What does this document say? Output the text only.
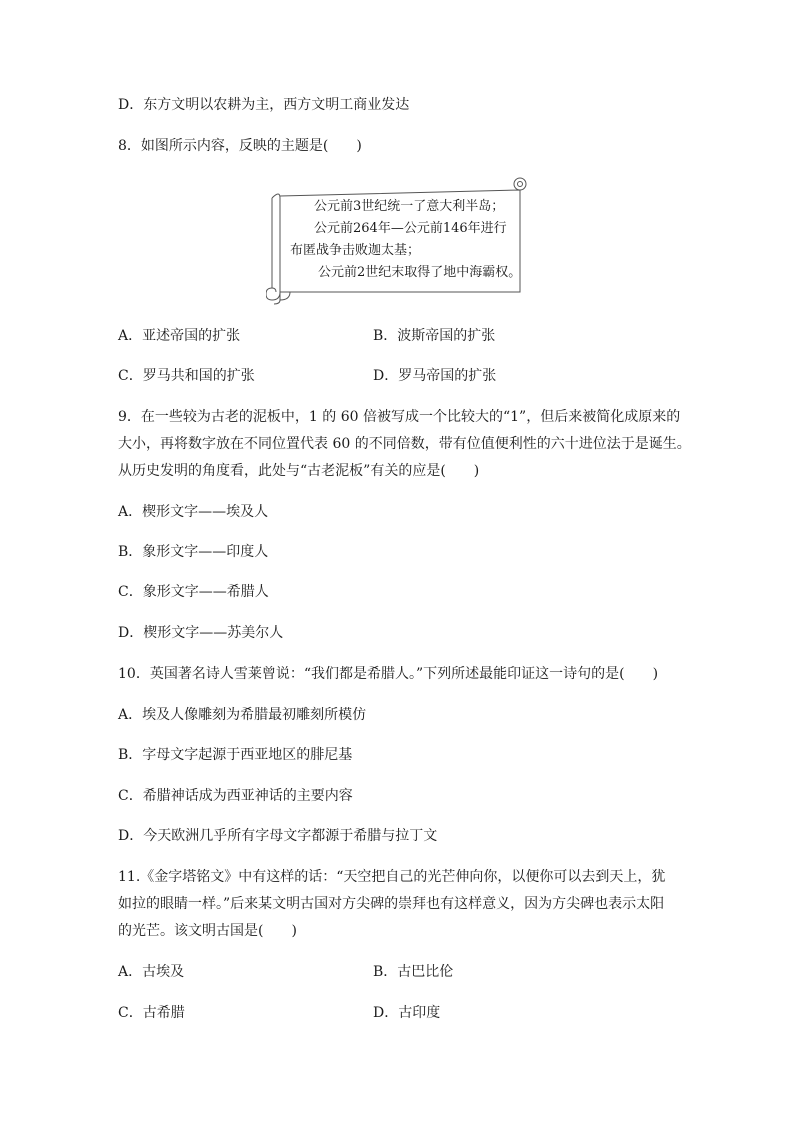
D．东方文明以农耕为主，西方文明工商业发达
8．如图所示内容，反映的主题是(　　)
公元前3世纪统一了意大利半岛；
公元前264年—公元前146年进行
布匿战争击败迦太基；
公元前2世纪末取得了地中海霸权。
A．亚述帝国的扩张	B．波斯帝国的扩张
C．罗马共和国的扩张	D．罗马帝国的扩张
9．在一些较为古老的泥板中，1 的 60 倍被写成一个比较大的“1”，但后来被简化成原来的
大小，再将数字放在不同位置代表 60 的不同倍数，带有位值便利性的六十进位法于是诞生。
从历史发明的角度看，此处与“古老泥板”有关的应是(　　)
A．楔形文字——埃及人
B．象形文字——印度人
C．象形文字——希腊人
D．楔形文字——苏美尔人
10．英国著名诗人雪莱曾说：“我们都是希腊人。”下列所述最能印证这一诗句的是(　　)
A．埃及人像雕刻为希腊最初雕刻所模仿
B．字母文字起源于西亚地区的腓尼基
C．希腊神话成为西亚神话的主要内容
D．今天欧洲几乎所有字母文字都源于希腊与拉丁文
11.《金字塔铭文》中有这样的话：“天空把自己的光芒伸向你，以便你可以去到天上，犹
如拉的眼睛一样。”后来某文明古国对方尖碑的崇拜也有这样意义，因为方尖碑也表示太阳
的光芒。该文明古国是(　　)
A．古埃及	B．古巴比伦
C．古希腊	D．古印度
